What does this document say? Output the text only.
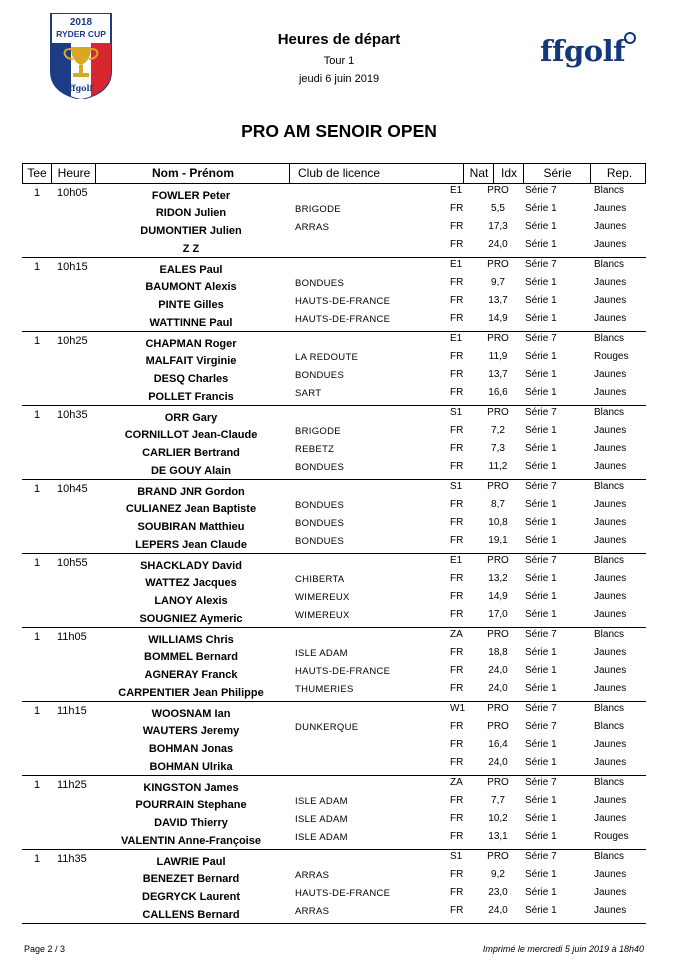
2018
RYDER CUP
ffgolf
Heures de départ
Tour 1
jeudi 6 juin 2019
ffgolf
PRO AM SENOIR OPEN
Tee Heure	Nom - Prénom	Club de licence	Nat	Idx	Série	Rep.
1 10h05	FOWLER Peter	E1	PRO	Série 7	Blancs
RIDON Julien	BRIGODE	FR	5,5	Série 1	Jaunes
DUMONTIER Julien	ARRAS	FR	17,3	Série 1	Jaunes
Z Z	FR	24,0	Série 1	Jaunes
1 10h15	EALES Paul	E1	PRO	Série 7	Blancs
BAUMONT Alexis	BONDUES	FR	9,7	Série 1	Jaunes
PINTE Gilles	HAUTS-DE-FRANCE	FR	13,7	Série 1	Jaunes
WATTINNE Paul	HAUTS-DE-FRANCE	FR	14,9	Série 1	Jaunes
1 10h25	CHAPMAN Roger	E1	PRO	Série 7	Blancs
MALFAIT Virginie	LA REDOUTE	FR	11,9	Série 1	Rouges
DESQ Charles	BONDUES	FR	13,7	Série 1	Jaunes
POLLET Francis	SART	FR	16,6	Série 1	Jaunes
1 10h35	ORR Gary	S1	PRO	Série 7	Blancs
CORNILLOT Jean-Claude	BRIGODE	FR	7,2	Série 1	Jaunes
CARLIER Bertrand	REBETZ	FR	7,3	Série 1	Jaunes
DE GOUY Alain	BONDUES	FR	11,2	Série 1	Jaunes
1 10h45	BRAND JNR Gordon	S1	PRO	Série 7	Blancs
CULIANEZ Jean Baptiste	BONDUES	FR	8,7	Série 1	Jaunes
SOUBIRAN Matthieu	BONDUES	FR	10,8	Série 1	Jaunes
LEPERS Jean Claude	BONDUES	FR	19,1	Série 1	Jaunes
1 10h55	SHACKLADY David	E1	PRO	Série 7	Blancs
WATTEZ Jacques	CHIBERTA	FR	13,2	Série 1	Jaunes
LANOY Alexis	WIMEREUX	FR	14,9	Série 1	Jaunes
SOUGNIEZ Aymeric	WIMEREUX	FR	17,0	Série 1	Jaunes
1 11h05	WILLIAMS Chris	ZA	PRO	Série 7	Blancs
BOMMEL Bernard	ISLE ADAM	FR	18,8	Série 1	Jaunes
AGNERAY Franck	HAUTS-DE-FRANCE	FR	24,0	Série 1	Jaunes
CARPENTIER Jean Philippe	THUMERIES	FR	24,0	Série 1	Jaunes
1 11h15	WOOSNAM Ian	W1	PRO	Série 7	Blancs
WAUTERS Jeremy	DUNKERQUE	FR	PRO	Série 7	Blancs
BOHMAN Jonas	FR	16,4	Série 1	Jaunes
BOHMAN Ulrika	FR	24,0	Série 1	Jaunes
1 11h25	KINGSTON James	ZA	PRO	Série 7	Blancs
POURRAIN Stephane	ISLE ADAM	FR	7,7	Série 1	Jaunes
DAVID Thierry	ISLE ADAM	FR	10,2	Série 1	Jaunes
VALENTIN Anne-Françoise	ISLE ADAM	FR	13,1	Série 1	Rouges
1 11h35	LAWRIE Paul	S1	PRO	Série 7	Blancs
BENEZET Bernard	ARRAS	FR	9,2	Série 1	Jaunes
DEGRYCK Laurent	HAUTS-DE-FRANCE	FR	23,0	Série 1	Jaunes
CALLENS Bernard	ARRAS	FR	24,0	Série 1	Jaunes
Page 2 / 3	Imprimé le mercredi 5 juin 2019 à 18h40
